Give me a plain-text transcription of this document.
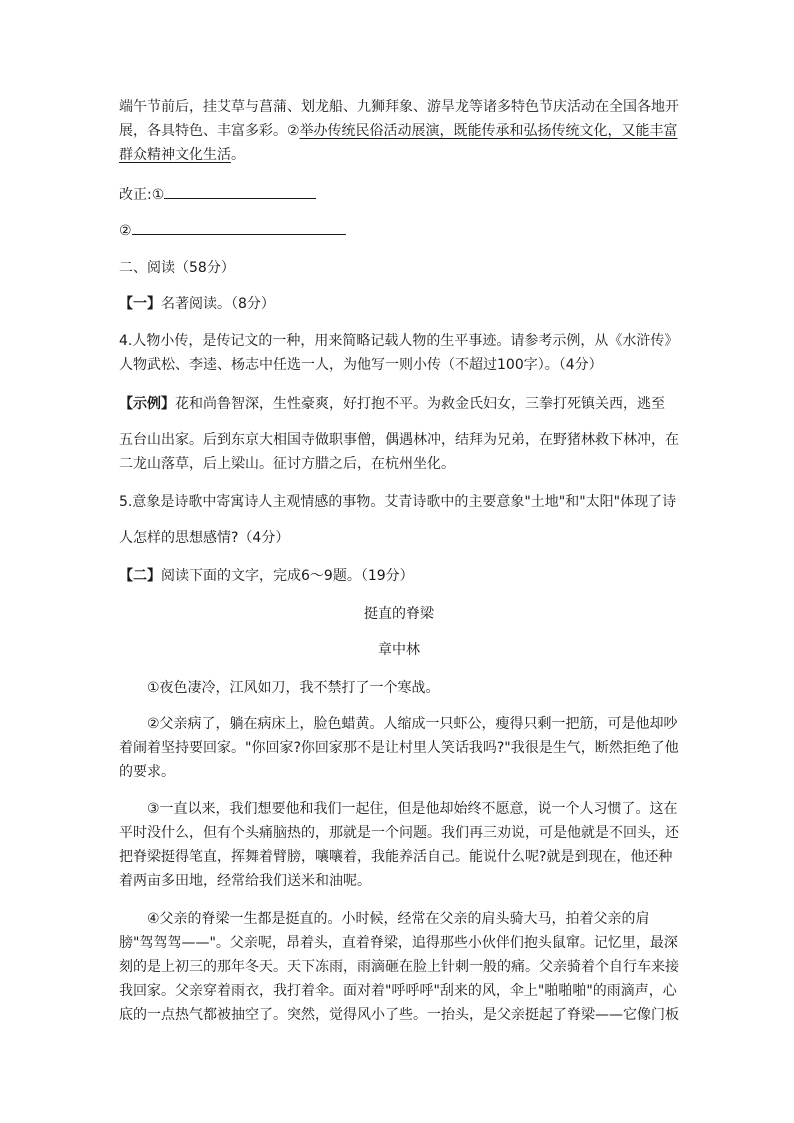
端午节前后，挂艾草与菖蒲、划龙船、九狮拜象、游旱龙等诸多特色节庆活动在全国各地开展，各具特色、丰富多彩。②举办传统民俗活动展演，既能传承和弘扬传统文化，又能丰富群众精神文化生活。

改正:①

②

二、阅读（58分）

【一】名著阅读。（8分）

4.人物小传，是传记文的一种，用来简略记载人物的生平事迹。请参考示例，从《水浒传》人物武松、李逵、杨志中任选一人，为他写一则小传（不超过100字）。（4分）

【示例】花和尚鲁智深，生性豪爽，好打抱不平。为救金氏妇女，三拳打死镇关西，逃至

五台山出家。后到东京大相国寺做职事僧，偶遇林冲，结拜为兄弟，在野猪林救下林冲，在二龙山落草，后上梁山。征讨方腊之后，在杭州坐化。

5.意象是诗歌中寄寓诗人主观情感的事物。艾青诗歌中的主要意象"土地"和"太阳"体现了诗

人怎样的思想感情?（4分）

【二】阅读下面的文字，完成6～9题。（19分）

挺直的脊梁

章中林

①夜色凄冷，江风如刀，我不禁打了一个寒战。

②父亲病了，躺在病床上，脸色蜡黄。人缩成一只虾公，瘦得只剩一把筋，可是他却吵着闹着坚持要回家。"你回家?你回家那不是让村里人笑话我吗?"我很是生气，断然拒绝了他的要求。

③一直以来，我们想要他和我们一起住，但是他却始终不愿意，说一个人习惯了。这在平时没什么，但有个头痛脑热的，那就是一个问题。我们再三劝说，可是他就是不回头，还把脊梁挺得笔直，挥舞着臂膀，嚷嚷着，我能养活自己。能说什么呢?就是到现在，他还种着两亩多田地，经常给我们送米和油呢。

④父亲的脊梁一生都是挺直的。小时候，经常在父亲的肩头骑大马，拍着父亲的肩膀"驾驾驾——"。父亲呢，昂着头，直着脊梁，追得那些小伙伴们抱头鼠窜。记忆里，最深刻的是上初三的那年冬天。天下冻雨，雨滴砸在脸上针刺一般的痛。父亲骑着个自行车来接我回家。父亲穿着雨衣，我打着伞。面对着"呼呼呼"刮来的风，伞上"啪啪啪"的雨滴声，心底的一点热气都被抽空了。突然，觉得风小了些。一抬头，是父亲挺起了脊梁——它像门板
